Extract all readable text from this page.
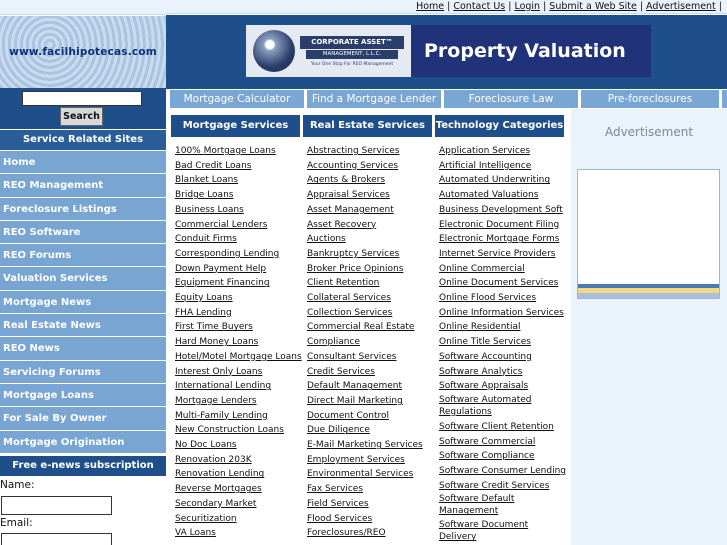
www.facilhipotecas.com
Search
Service Related Sites
Home
REO Management
Foreclosure Listings
REO Software
REO Forums
Valuation Services
Mortgage News
Real Estate News
REO News
Servicing Forums
Mortgage Loans
For Sale By Owner
Mortgage Origination
Free e-news subscription
Name:
Email:
Home | Contact Us | Login | Submit a Web Site | Advertisement |
CORPORATE ASSET™
MANAGEMENT, L.L.C.
Your One Stop For REO Management
Property Valuation
Mortgage Calculator	Find a Mortgage Lender	Foreclosure Law	Pre-foreclosures
Mortgage Services	Real Estate Services	Technology Categories
100% Mortgage Loans
Bad Credit Loans
Blanket Loans
Bridge Loans
Business Loans
Commercial Lenders
Conduit Firms
Corresponding Lending
Down Payment Help
Equipment Financing
Equity Loans
FHA Lending
First Time Buyers
Hard Money Loans
Hotel/Motel Mortgage Loans
Interest Only Loans
International Lending
Mortgage Lenders
Multi-Family Lending
New Construction Loans
No Doc Loans
Renovation 203K
Renovation Lending
Reverse Mortgages
Secondary Market
Securitization
VA Loans
Abstracting Services
Accounting Services
Agents & Brokers
Appraisal Services
Asset Management
Asset Recovery
Auctions
Bankruptcy Services
Broker Price Opinions
Client Retention
Collateral Services
Collection Services
Commercial Real Estate
Compliance
Consultant Services
Credit Services
Default Management
Direct Mail Marketing
Document Control
Due Diligence
E-Mail Marketing Services
Employment Services
Environmental Services
Fax Services
Field Services
Flood Services
Foreclosures/REO
Application Services
Artificial Intelligence
Automated Underwriting
Automated Valuations
Business Development Soft
Electronic Document Filing
Electronic Mortgage Forms
Internet Service Providers
Online Commercial
Online Document Services
Online Flood Services
Online Information Services
Online Residential
Online Title Services
Software Accounting
Software Analytics
Software Appraisals
Software Automated Regulations
Software Client Retention
Software Commercial
Software Compliance
Software Consumer Lending
Software Credit Services
Software Default Management
Software Document Delivery
Advertisement
